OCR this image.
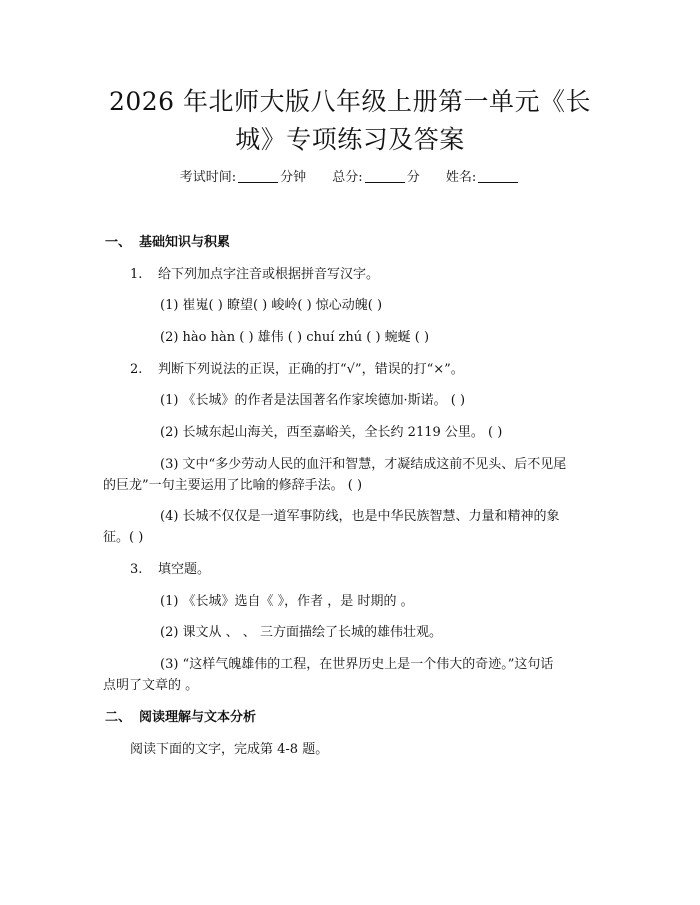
2026 年北师大版八年级上册第一单元《长
城》专项练习及答案
考试时间:	分钟 总分:	分 姓名:
一、 基础知识与积累
1. 给下列加点字注音或根据拼音写汉字。
(1) 崔嵬( ) 瞭望( ) 峻岭( ) 惊心动魄( )
(2) hào hàn ( ) 雄伟 ( ) chuí zhú ( ) 蜿蜒 ( )
2. 判断下列说法的正误，正确的打“√”，错误的打“×”。
(1) 《长城》的作者是法国著名作家埃德加·斯诺。 ( )
(2) 长城东起山海关，西至嘉峪关，全长约 2119 公里。 ( )
(3) 文中“多少劳动人民的血汗和智慧，才凝结成这前不见头、后不见尾
的巨龙”一句主要运用了比喻的修辞手法。 ( )
(4) 长城不仅仅是一道军事防线，也是中华民族智慧、力量和精神的象
征。( )
3. 填空题。
(1) 《长城》选自《 》，作者 ，是 时期的 。
(2) 课文从 、 、 三方面描绘了长城的雄伟壮观。
(3) “这样气魄雄伟的工程，在世界历史上是一个伟大的奇迹。”这句话
点明了文章的 。
二、 阅读理解与文本分析
阅读下面的文字，完成第 4-8 题。
